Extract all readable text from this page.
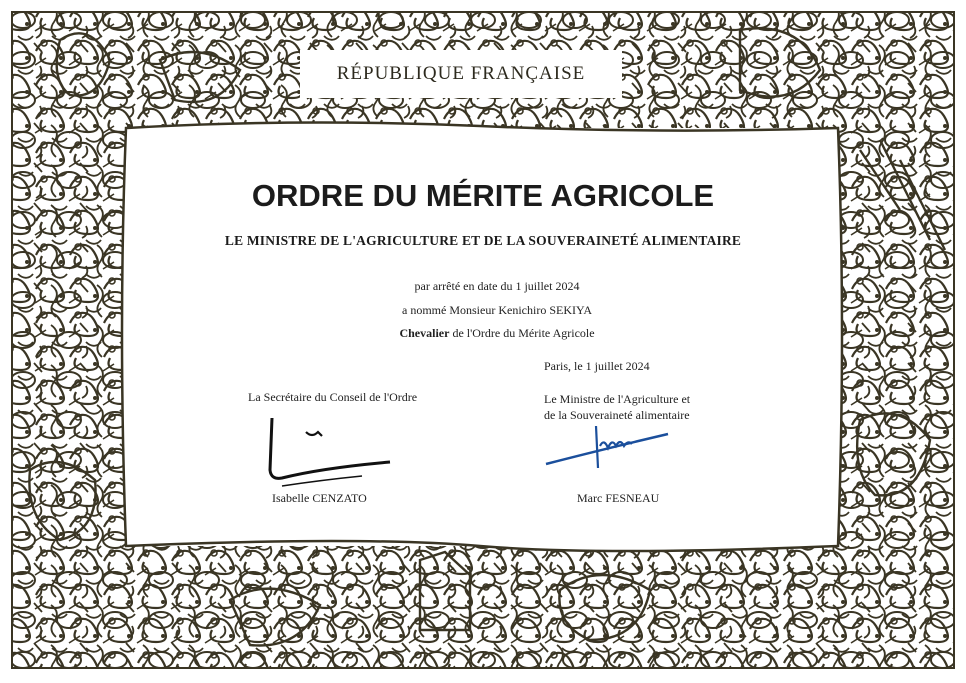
RÉPUBLIQUE FRANÇAISE
ORDRE DU MÉRITE AGRICOLE
LE MINISTRE DE L'AGRICULTURE ET DE LA SOUVERAINETÉ ALIMENTAIRE
par arrêté en date du 1 juillet 2024
a nommé Monsieur Kenichiro SEKIYA
Chevalier de l'Ordre du Mérite Agricole
Paris, le 1 juillet 2024
La Secrétaire du Conseil de l'Ordre	Le Ministre de l'Agriculture et
de la Souveraineté alimentaire
Isabelle CENZATO	Marc FESNEAU
